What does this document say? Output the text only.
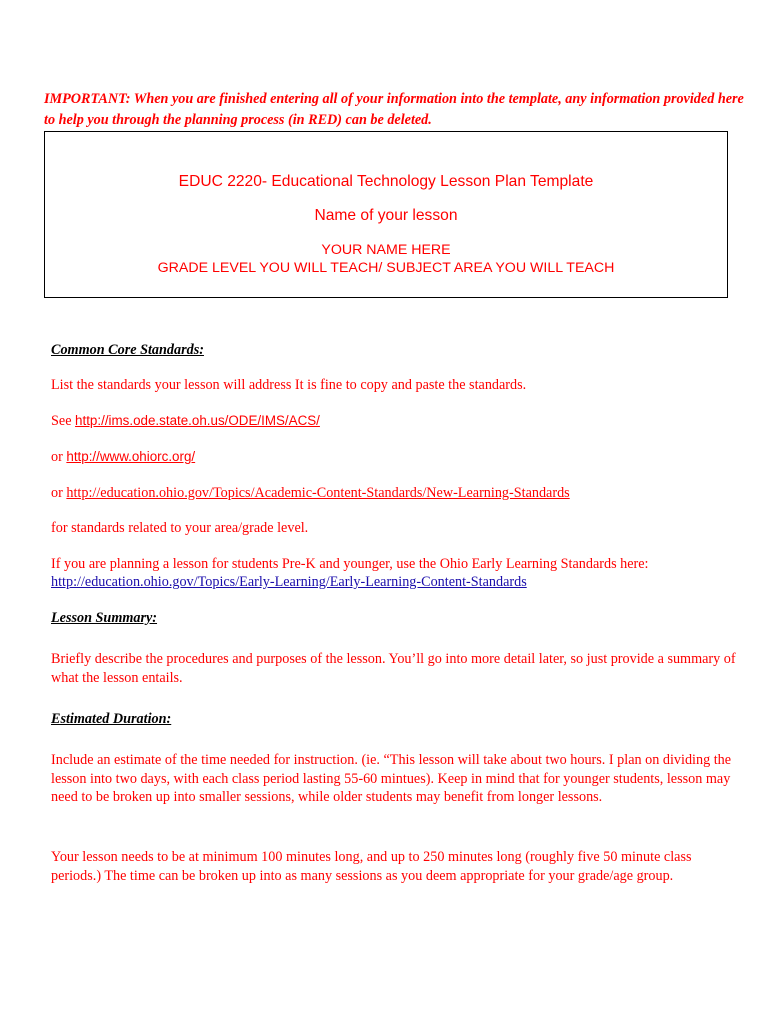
IMPORTANT: When you are finished entering all of your information into the template, any information provided here to help you through the planning process (in RED) can be deleted.
EDUC 2220- Educational Technology Lesson Plan Template
Name of your lesson
YOUR NAME HERE
GRADE LEVEL YOU WILL TEACH/ SUBJECT AREA YOU WILL TEACH
Common Core Standards:
List the standards your lesson will address It is fine to copy and paste the standards.
See http://ims.ode.state.oh.us/ODE/IMS/ACS/
or http://www.ohiorc.org/
or http://education.ohio.gov/Topics/Academic-Content-Standards/New-Learning-Standards
for standards related to your area/grade level.
If you are planning a lesson for students Pre-K and younger, use the Ohio Early Learning Standards here:
http://education.ohio.gov/Topics/Early-Learning/Early-Learning-Content-Standards
Lesson Summary:
Briefly describe the procedures and purposes of the lesson. You’ll go into more detail later, so just provide a summary of what the lesson entails.
Estimated Duration:
Include an estimate of the time needed for instruction. (ie. “This lesson will take about two hours. I plan on dividing the lesson into two days, with each class period lasting 55-60 mintues). Keep in mind that for younger students, lesson may need to be broken up into smaller sessions, while older students may benefit from longer lessons.
Your lesson needs to be at minimum 100 minutes long, and up to 250 minutes long (roughly five 50 minute class periods.) The time can be broken up into as many sessions as you deem appropriate for your grade/age group.
